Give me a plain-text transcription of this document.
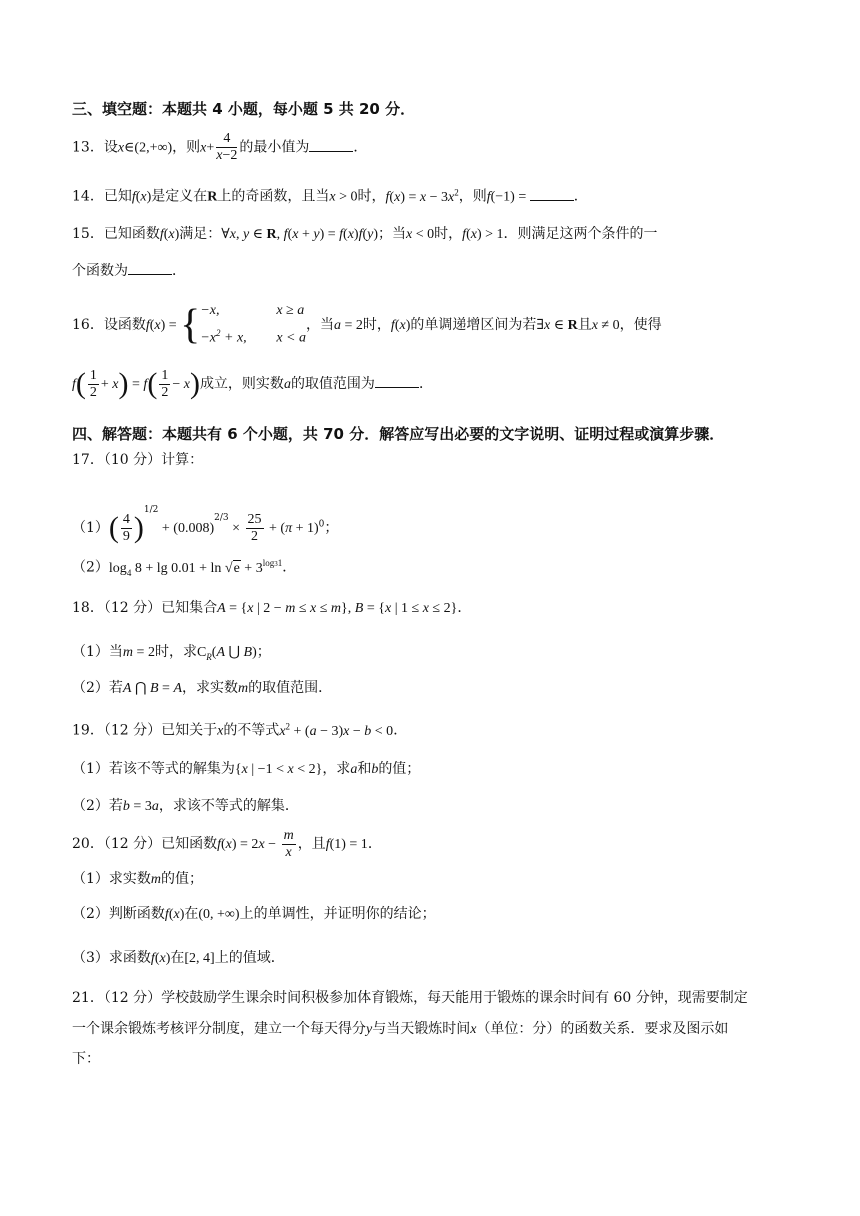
三、填空题：本题共 4 小题，每小题 5 共 20 分．
13．设x∈(2,+∞)，则$x+ \frac{4}{x-2}$ 的最小值为	．
14．已知f(x)是定义在R上的奇函数，且当x > 0时，$f(x) = x - 3x^2$，则f(−1) =	．
15．已知函数f(x)满足：∀x, y ∈ R, f(x + y) = f(x)f(y)；当x < 0时，f(x) > 1．则满足这两个条件的一
个函数为	．
16．设函数f(x) = { −x,	x ≥ a
$-x^2 + x$, x < a
，当a = 2时，f(x)的单调递增区间为若∃x ∈ R且x ≠ 0，使得
$f( \frac{1}{2} + x) = f( \frac{1}{2} - x)$成立，则实数a的取值范围为	．
四、解答题：本题共有 6 个小题，共 70 分．解答应写出必要的文字说明、证明过程或演算步骤．
17．（10 分）计算：
$(1)( \frac{4}{9} )^{1/2} + (0.008)^{2/3} \times \frac{25}{2} + (\pi + 1)^0$；
$(2)\log_4$ $8 + \lg 0.01 + \ln √e + 3^{log31}$．
18．（12 分）已知集合A = {x | 2 − m ≤ x ≤ m}, B = {x | 1 ≤ x ≤ 2}．
（1）当m = 2时，求$C_R(A$ ⋃ B)；
（2）若A ⋂ B = A，求实数m的取值范围．
19．（12 分）已知关于x的不等式$x^2 + (a - 3)x - b < 0$．
（1）若该不等式的解集为{x | −1 < x < 2}，求a和b的值；
（2）若b = 3a，求该不等式的解集．
20．（12 分）已知函数$f(x) = 2x - \frac{m}{x}$ ，且f(1) = 1．
（1）求实数m的值；
（2）判断函数f(x)在(0, +∞)上的单调性，并证明你的结论；
（3）求函数f(x)在[2, 4]上的值域．
21．（12 分）学校鼓励学生课余时间积极参加体育锻炼，每天能用于锻炼的课余时间有 60 分钟，现需要制定
一个课余锻炼考核评分制度，建立一个每天得分y与当天锻炼时间x（单位：分）的函数关系．要求及图示如
下：
